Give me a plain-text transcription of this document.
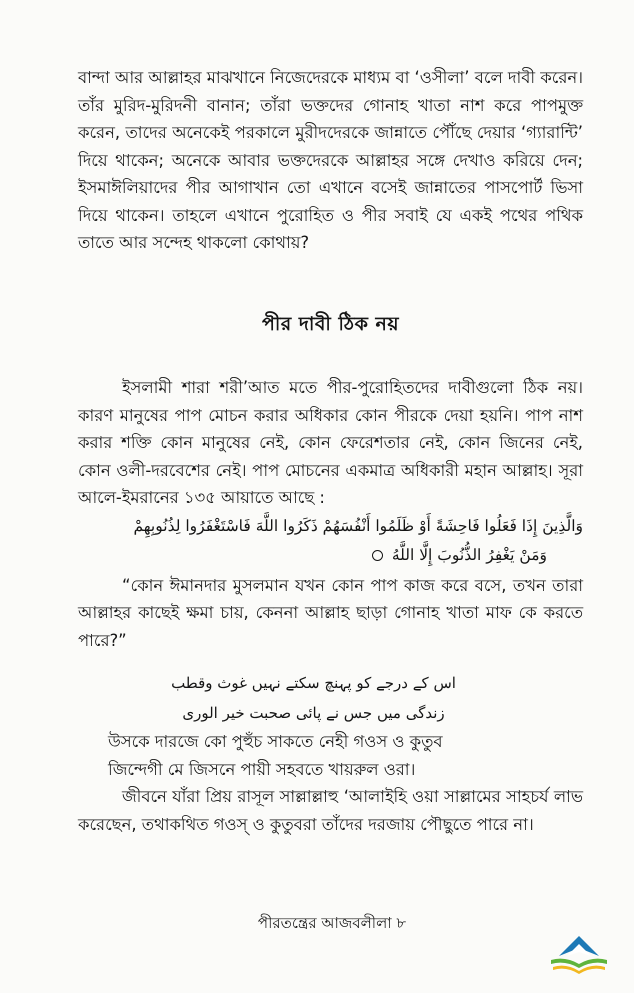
বান্দা আর আল্লাহর মাঝখানে নিজেদেরকে মাধ্যম বা ‘ওসীলা’ বলে দাবী করেন। তাঁর মুরিদ-মুরিদনী বানান; তাঁরা ভক্তদের গোনাহ খাতা নাশ করে পাপমুক্ত করেন, তাদের অনেকেই পরকালে মুরীদদেরকে জান্নাতে পৌঁছে দেয়ার ‘গ্যারান্টি’ দিয়ে থাকেন; অনেকে আবার ভক্তদেরকে আল্লাহর সঙ্গে দেখাও করিয়ে দেন; ইসমাঈলিয়াদের পীর আগাখান তো এখানে বসেই জান্নাতের পাসপোর্ট ভিসা দিয়ে থাকেন। তাহলে এখানে পুরোহিত ও পীর সবাই যে একই পথের পথিক তাতে আর সন্দেহ থাকলো কোথায়?

পীর দাবী ঠিক নয়

ইসলামী শারা শরী’আত মতে পীর-পুরোহিতদের দাবীগুলো ঠিক নয়। কারণ মানুষের পাপ মোচন করার অধিকার কোন পীরকে দেয়া হয়নি। পাপ নাশ করার শক্তি কোন মানুষের নেই, কোন ফেরেশতার নেই, কোন জিনের নেই, কোন ওলী-দরবেশের নেই। পাপ মোচনের একমাত্র অধিকারী মহান আল্লাহ। সূরা আলে-ইমরানের ১৩৫ আয়াতে আছে :

وَالَّذِينَ إِذَا فَعَلُوا فَاحِشَةً أَوْ ظَلَمُوا أَنْفُسَهُمْ ذَكَرُوا اللَّهَ فَاسْتَغْفَرُوا لِذُنُوبِهِمْ
وَمَنْ يَغْفِرُ الذُّنُوبَ إِلَّا اللَّهُ

“কোন ঈমানদার মুসলমান যখন কোন পাপ কাজ করে বসে, তখন তারা আল্লাহর কাছেই ক্ষমা চায়, কেননা আল্লাহ ছাড়া গোনাহ খাতা মাফ কে করতে পারে?”

اس کے درجے کو پہنچ سکتے نہیں غوث وقطب
زندگی میں جس نے پائی صحبت خیر الوری

উসকে দারজে কো পুহুঁচ সাকতে নেহী গওস ও কুতুব

জিন্দেগী মে জিসনে পায়ী সহবতে খায়রুল ওরা।

জীবনে যাঁরা প্রিয় রাসূল সাল্লাল্লাহু ‘আলাইহি ওয়া সাল্লামের সাহচর্য লাভ করেছেন, তথাকথিত গওস্ ও কুতুবরা তাঁদের দরজায় পৌছুতে পারে না।

পীরতন্ত্রের আজবলীলা ৮
